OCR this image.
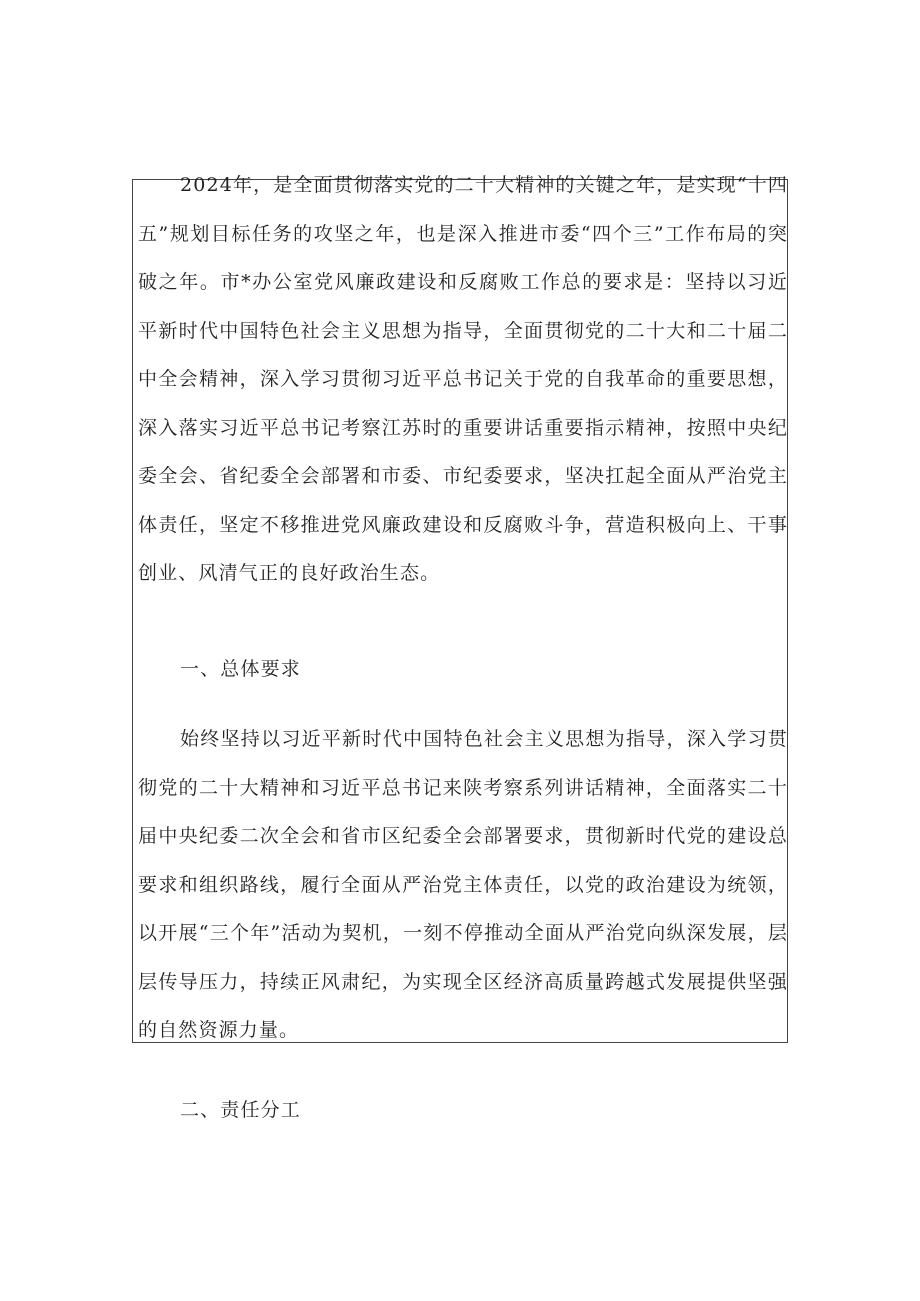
2024年，是全面贯彻落实党的二十大精神的关键之年，是实现“十四五”规划目标任务的攻坚之年，也是深入推进市委“四个三”工作布局的突破之年。市*办公室党风廉政建设和反腐败工作总的要求是：坚持以习近平新时代中国特色社会主义思想为指导，全面贯彻党的二十大和二十届二中全会精神，深入学习贯彻习近平总书记关于党的自我革命的重要思想，深入落实习近平总书记考察江苏时的重要讲话重要指示精神，按照中央纪委全会、省纪委全会部署和市委、市纪委要求，坚决扛起全面从严治党主体责任，坚定不移推进党风廉政建设和反腐败斗争，营造积极向上、干事创业、风清气正的良好政治生态。

一、总体要求

始终坚持以习近平新时代中国特色社会主义思想为指导，深入学习贯彻党的二十大精神和习近平总书记来陕考察系列讲话精神，全面落实二十届中央纪委二次全会和省市区纪委全会部署要求，贯彻新时代党的建设总要求和组织路线，履行全面从严治党主体责任，以党的政治建设为统领，以开展“三个年”活动为契机，一刻不停推动全面从严治党向纵深发展，层层传导压力，持续正风肃纪，为实现全区经济高质量跨越式发展提供坚强的自然资源力量。

二、责任分工
